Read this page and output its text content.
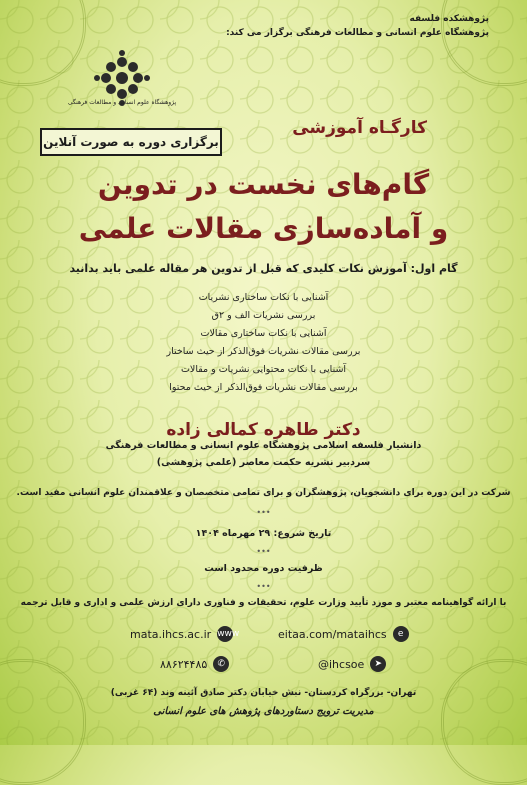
پژوهشکده فلسفه
پژوهشگاه علوم انسانی و مطالعات فرهنگی برگزار می کند:
پژوهشگاه علوم انسانی و مطالعات فرهنگی
کارگـاه آموزشی
برگزاری دوره به صورت آنلاین
گام‌های نخست در تدوین
و آماده‌سازی مقالات علمی
گام اول: آموزش نکات کلیدی که قبل از تدوین هر مقاله علمی باید بدانید
آشنایی با نکات ساختاری نشریات
بررسی نشریات الف و ۲ق
آشنایی با نکات ساختاری مقالات
بررسی مقالات نشریات فوق‌الذکر از حیث ساختار
آشنایی با نکات محتوایی نشریات و مقالات
بررسی مقالات نشریات فوق‌الذکر از حیث محتوا
دکتر طاهره کمالی زاده
دانشیار فلسفه اسلامی پژوهشگاه علوم انسانی و مطالعات فرهنگی
سردبیر نشریه حکمت معاصر (علمی پژوهشی)
شرکت در این دوره برای دانشجویان، پژوهشگران و برای تمامی متخصصان و علاقمندان علوم انسانی مفید است.
•••
تاریخ شروع: ۲۹ مهرماه ۱۴۰۴
•••
ظرفیت دوره محدود است
•••
با ارائه گواهینامه معتبر و مورد تأیید وزارت علوم، تحقیقات و فناوری دارای ارزش علمی و اداری و قابل ترجمه
mata.ihcs.ac.ir www	eitaa.com/mataihcs	e
۸۸۶۲۴۴۸۵	✆	@ihcsoe	➤
تهران- بزرگراه کردستان- نبش خیابان دکتر صادق آئینه وند (۶۴ غربی)
مدیریت ترویج دستاوردهای پژوهش های علوم انسانی
